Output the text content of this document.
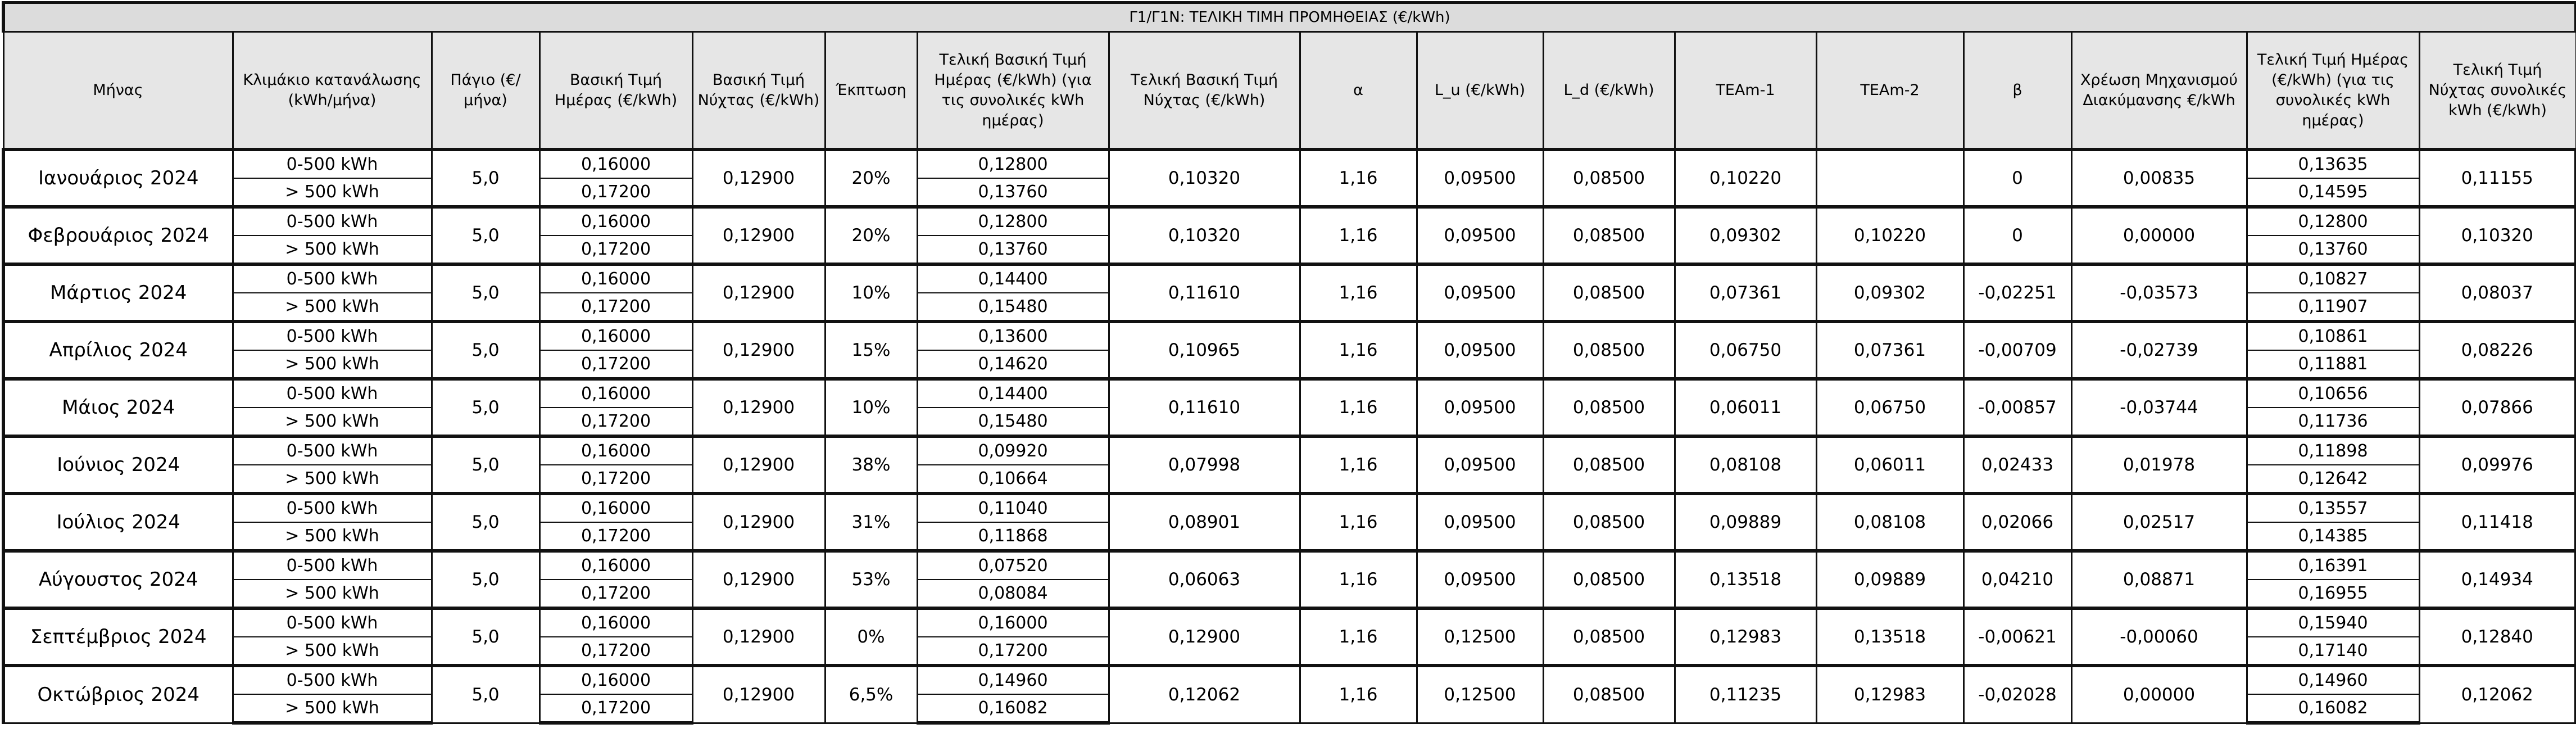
Γ1/Γ1Ν: ΤΕΛΙΚΗ ΤΙΜΗ ΠΡΟΜΗΘΕΙΑΣ (€/kWh)																
Μήνας	Κλιμάκιο κατανάλωσης (kWh/μήνα)	Πάγιο (€/μήνα)	Βασική Τιμή Ημέρας (€/kWh)	Βασική Τιμή Νύχτας (€/kWh)	Έκπτωση	Τελική Βασική Τιμή Ημέρας (€/kWh) (για τις συνολικές kWh ημέρας)	Τελική Βασική Τιμή Νύχτας (€/kWh)	α	L_u (€/kWh)	L_d (€/kWh)	TEAm-1	TEAm-2	β	Χρέωση Μηχανισμού Διακύμανσης €/kWh	Τελική Τιμή Ημέρας (€/kWh) (για τις συνολικές kWh ημέρας)	Τελική Τιμή Νύχτας συνολικές kWh (€/kWh)
Ιανουάριος 2024	0-500 kWh	5,0	0,16000	0,12900	20%	0,12800	0,10320	1,16	0,09500	0,08500	0,10220		0	0,00835	0,13635	0,11155
	> 500 kWh		0,17200			0,13760									0,14595	
Φεβρουάριος 2024	0-500 kWh	5,0	0,16000	0,12900	20%	0,12800	0,10320	1,16	0,09500	0,08500	0,09302	0,10220	0	0,00000	0,12800	0,10320
	> 500 kWh		0,17200			0,13760									0,13760	
Μάρτιος 2024	0-500 kWh	5,0	0,16000	0,12900	10%	0,14400	0,11610	1,16	0,09500	0,08500	0,07361	0,09302	-0,02251	-0,03573	0,10827	0,08037
	> 500 kWh		0,17200			0,15480									0,11907	
Απρίλιος 2024	0-500 kWh	5,0	0,16000	0,12900	15%	0,13600	0,10965	1,16	0,09500	0,08500	0,06750	0,07361	-0,00709	-0,02739	0,10861	0,08226
	> 500 kWh		0,17200			0,14620									0,11881	
Μάιος 2024	0-500 kWh	5,0	0,16000	0,12900	10%	0,14400	0,11610	1,16	0,09500	0,08500	0,06011	0,06750	-0,00857	-0,03744	0,10656	0,07866
	> 500 kWh		0,17200			0,15480									0,11736	
Ιούνιος 2024	0-500 kWh	5,0	0,16000	0,12900	38%	0,09920	0,07998	1,16	0,09500	0,08500	0,08108	0,06011	0,02433	0,01978	0,11898	0,09976
	> 500 kWh		0,17200			0,10664									0,12642	
Ιούλιος 2024	0-500 kWh	5,0	0,16000	0,12900	31%	0,11040	0,08901	1,16	0,09500	0,08500	0,09889	0,08108	0,02066	0,02517	0,13557	0,11418
	> 500 kWh		0,17200			0,11868									0,14385	
Αύγουστος 2024	0-500 kWh	5,0	0,16000	0,12900	53%	0,07520	0,06063	1,16	0,09500	0,08500	0,13518	0,09889	0,04210	0,08871	0,16391	0,14934
	> 500 kWh		0,17200			0,08084									0,16955	
Σεπτέμβριος 2024	0-500 kWh	5,0	0,16000	0,12900	0%	0,16000	0,12900	1,16	0,12500	0,08500	0,12983	0,13518	-0,00621	-0,00060	0,15940	0,12840
	> 500 kWh		0,17200			0,17200									0,17140	
Οκτώβριος 2024	0-500 kWh	5,0	0,16000	0,12900	6,5%	0,14960	0,12062	1,16	0,12500	0,08500	0,11235	0,12983	-0,02028	0,00000	0,14960	0,12062
	> 500 kWh		0,17200			0,16082									0,16082	
